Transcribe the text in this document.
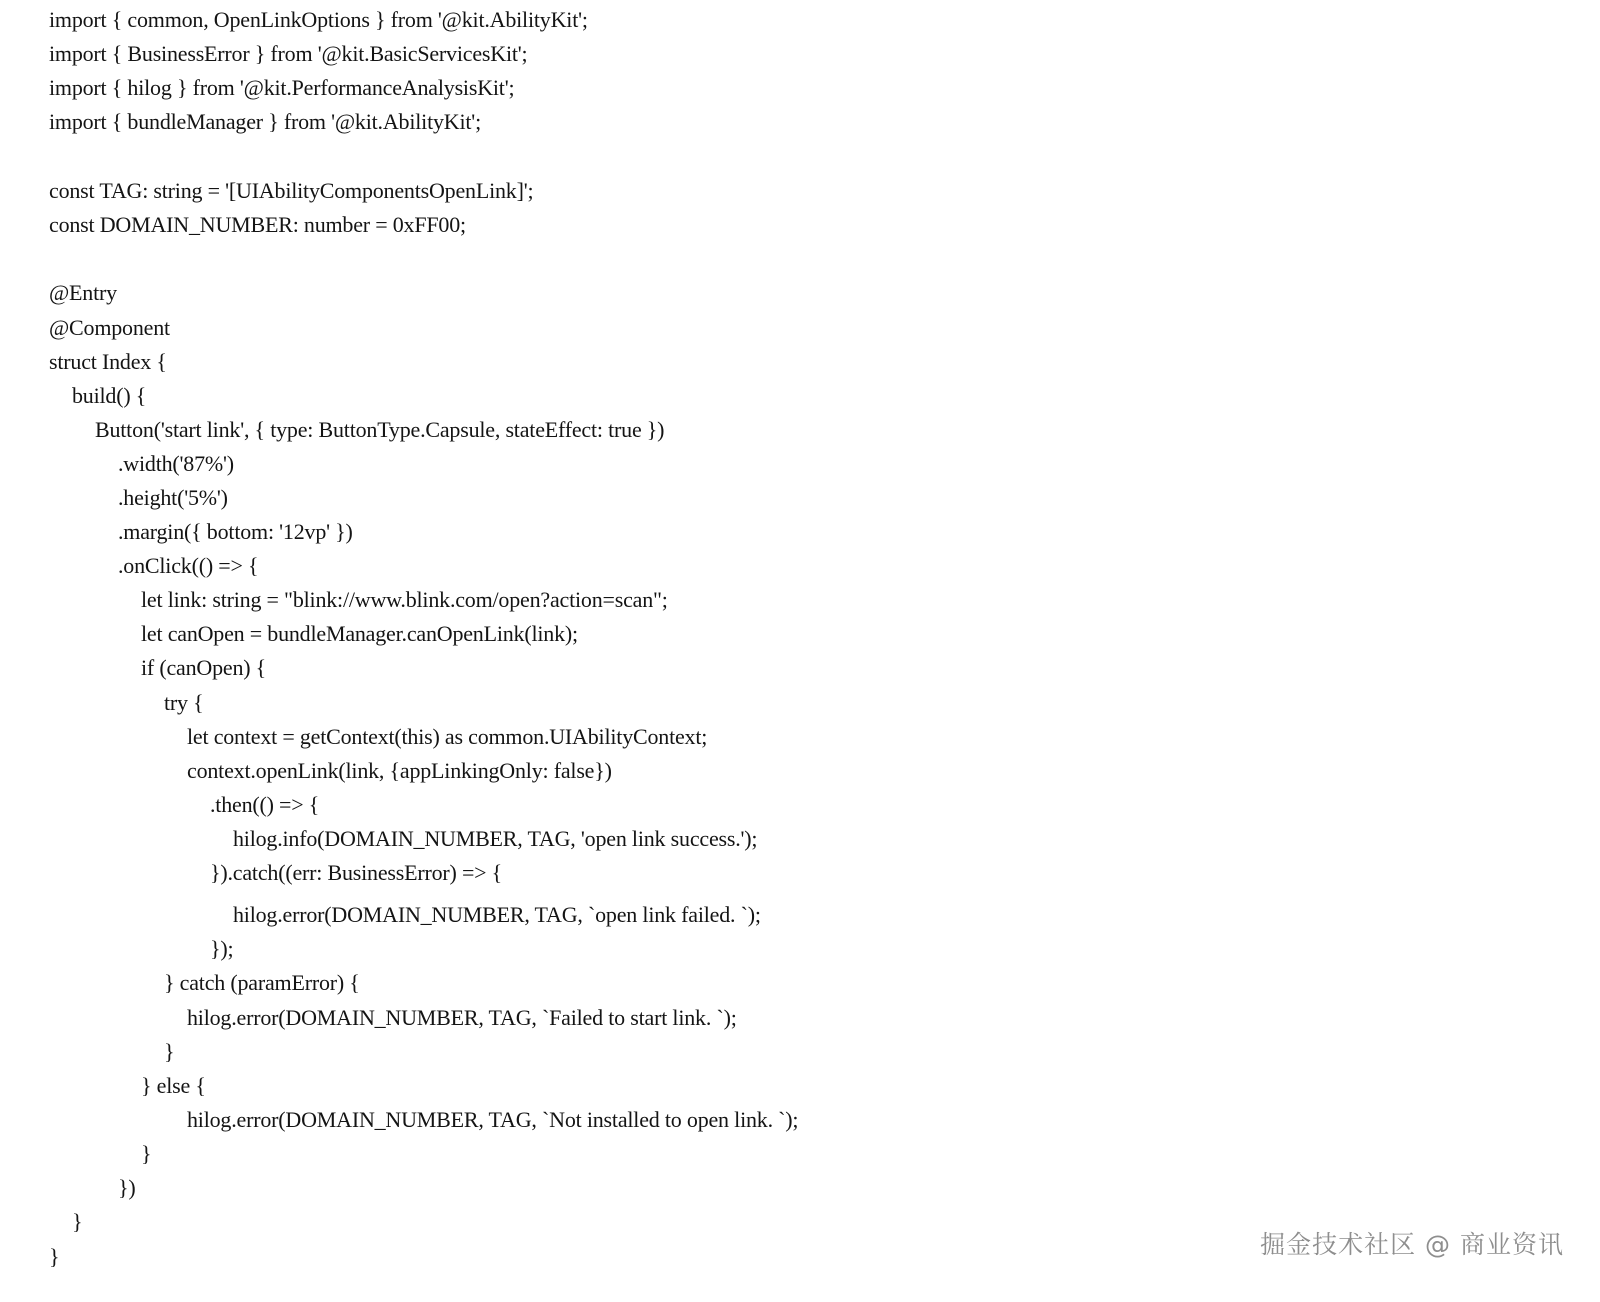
import { common, OpenLinkOptions } from '@kit.AbilityKit';
import { BusinessError } from '@kit.BasicServicesKit';
import { hilog } from '@kit.PerformanceAnalysisKit';
import { bundleManager } from '@kit.AbilityKit';
const TAG: string = '[UIAbilityComponentsOpenLink]';
const DOMAIN_NUMBER: number = 0xFF00;
@Entry
@Component
struct Index {
build() {
Button('start link', { type: ButtonType.Capsule, stateEffect: true })
.width('87%')
.height('5%')
.margin({ bottom: '12vp' })
.onClick(() => {
let link: string = "blink://www.blink.com/open?action=scan";
let canOpen = bundleManager.canOpenLink(link);
if (canOpen) {
try {
let context = getContext(this) as common.UIAbilityContext;
context.openLink(link, {appLinkingOnly: false})
.then(() => {
hilog.info(DOMAIN_NUMBER, TAG, 'open link success.');
}).catch((err: BusinessError) => {
hilog.error(DOMAIN_NUMBER, TAG, `open link failed. `);
});
} catch (paramError) {
hilog.error(DOMAIN_NUMBER, TAG, `Failed to start link. `);
}
} else {
hilog.error(DOMAIN_NUMBER, TAG, `Not installed to open link. `);
}
})
}
}	掘金技术社区 @ 商业资讯
